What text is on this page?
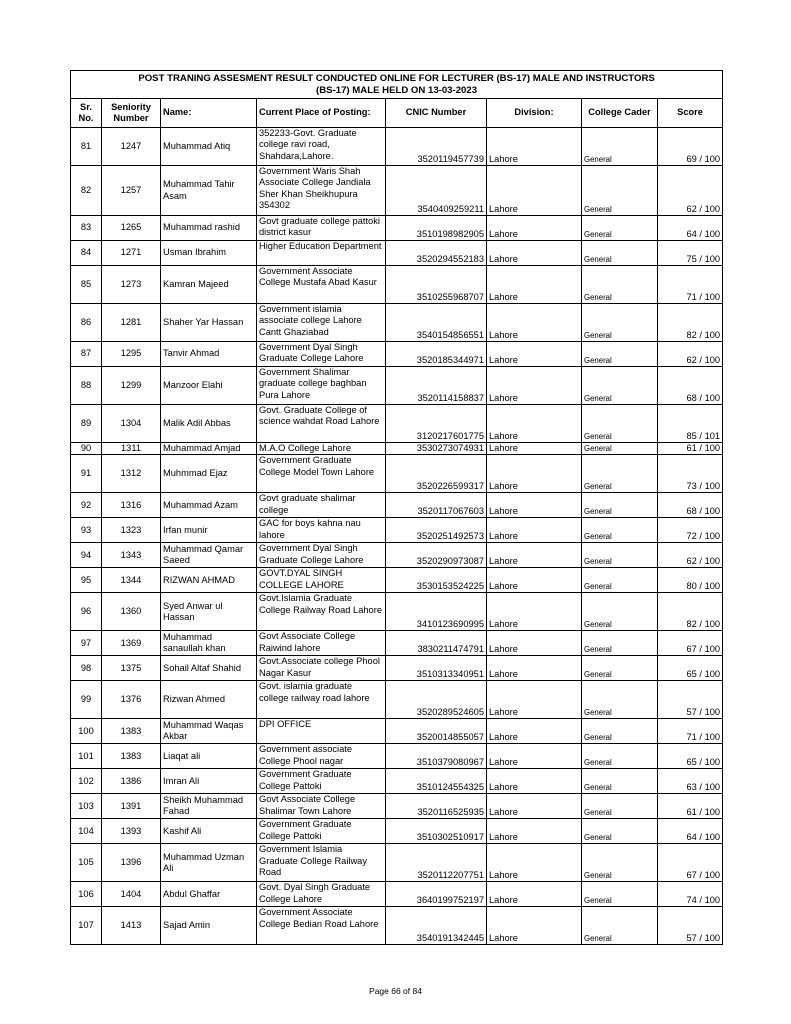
POST TRANING ASSESMENT RESULT CONDUCTED ONLINE FOR LECTURER (BS-17) MALE AND INSTRUCTORS
(BS-17) MALE HELD ON 13-03-2023							

Sr. No.	Seniority Number	Name:	Current Place of Posting:	CNIC Number	Division:	College Cader	Score
81	1247	Muhammad Atiq	352233-Govt. Graduate college ravi road, Shahdara,Lahore.	3520119457739	Lahore	General	69 / 100
82	1257	Muhammad Tahir Asam	Government Waris Shah Associate College Jandiala Sher Khan Sheikhupura 354302	3540409259211	Lahore	General	62 / 100
83	1265	Muhammad rashid	Govt graduate college pattoki district kasur	3510198982905	Lahore	General	64 / 100
84	1271	Usman Ibrahim	Higher Education Department	3520294552183	Lahore	General	75 / 100
85	1273	Kamran Majeed	Government Associate College Mustafa Abad Kasur	3510255968707	Lahore	General	71 / 100
86	1281	Shaher Yar Hassan	Government islamia associate college Lahore Cantt Ghaziabad	3540154856551	Lahore	General	82 / 100
87	1295	Tanvir Ahmad	Government Dyal Singh Graduate College Lahore	3520185344971	Lahore	General	62 / 100
88	1299	Manzoor Elahi	Government Shalimar graduate college baghban Pura Lahore	3520114158837	Lahore	General	68 / 100
89	1304	Malik Adil Abbas	Govt. Graduate College of science wahdat Road Lahore	3120217601775	Lahore	General	85 / 101
90	1311	Muhammad Amjad	M.A.O College Lahore	3530273074931	Lahore	General	61 / 100
91	1312	Muhmmad Ejaz	Government Graduate College Model Town Lahore	3520226599317	Lahore	General	73 / 100
92	1316	Muhammad Azam	Govt graduate shalimar college	3520117067603	Lahore	General	68 / 100
93	1323	Irfan munir	GAC for boys kahna nau lahore	3520251492573	Lahore	General	72 / 100
94	1343	Muhammad Qamar Saeed	Government Dyal Singh Graduate College Lahore	3520290973087	Lahore	General	62 / 100
95	1344	RIZWAN AHMAD	GOVT.DYAL SINGH COLLEGE LAHORE	3530153524225	Lahore	General	80 / 100
96	1360	Syed Anwar ul Hassan	Govt.Islamia Graduate College Railway Road Lahore	3410123690995	Lahore	General	82 / 100
97	1369	Muhammad sanaullah khan	Govt Associate College Raiwind lahore	3830211474791	Lahore	General	67 / 100
98	1375	Sohail Altaf Shahid	Govt.Associate college Phool Nagar Kasur	3510313340951	Lahore	General	65 / 100
99	1376	Rizwan Ahmed	Govt. islamia graduate college railway road lahore	3520289524605	Lahore	General	57 / 100
100	1383	Muhammad Waqas Akbar	DPI OFFICE	3520014855057	Lahore	General	71 / 100
101	1383	Liaqat ali	Government associate College Phool nagar	3510379080967	Lahore	General	65 / 100
102	1386	Imran Ali	Government Graduate College Pattoki	3510124554325	Lahore	General	63 / 100
103	1391	Sheikh Muhammad Fahad	Govt Associate College Shalimar Town Lahore	3520116525935	Lahore	General	61 / 100
104	1393	Kashif Ali	Government Graduate College Pattoki	3510302510917	Lahore	General	64 / 100
105	1396	Muhammad Uzman Ali	Government Islamia Graduate College Railway Road	3520112207751	Lahore	General	67 / 100
106	1404	Abdul Ghaffar	Govt. Dyal Singh Graduate College Lahore	3640199752197	Lahore	General	74 / 100
107	1413	Sajad Amin	Government Associate College Bedian Road Lahore	3540191342445	Lahore	General	57 / 100
Page 66 of 84
